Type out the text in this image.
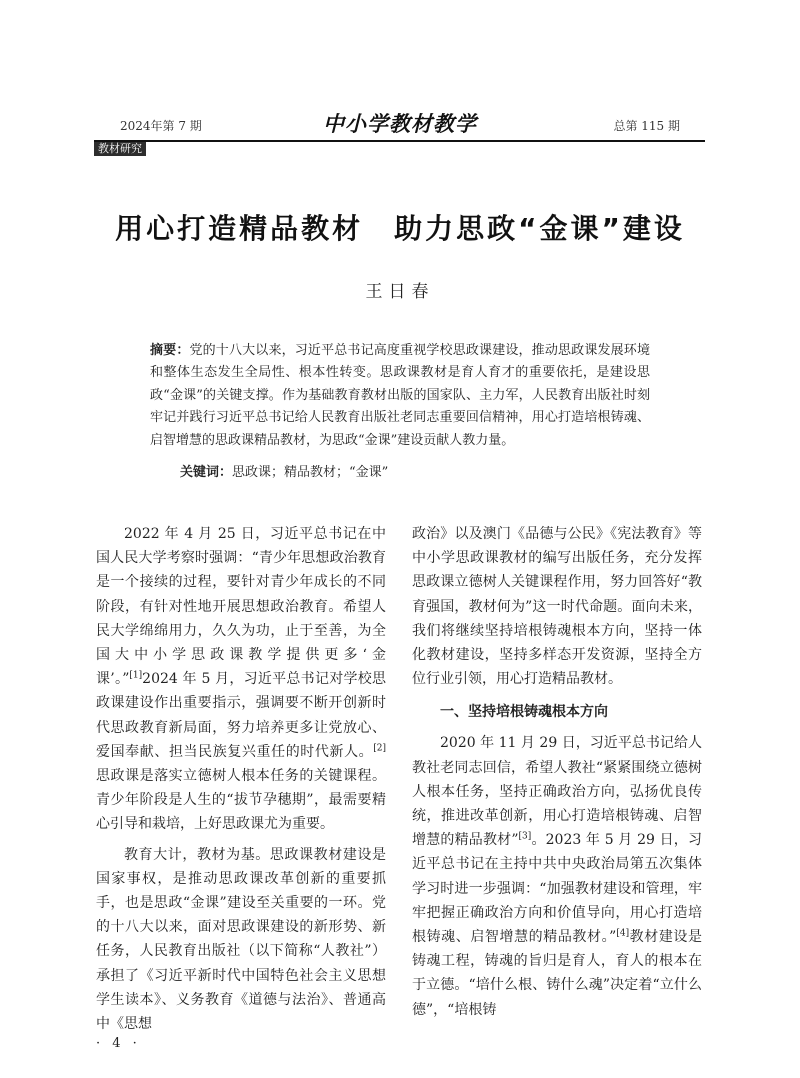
2024年第 7 期	中小学教材教学	总第 115 期
教材研究
用心打造精品教材　助力思政“金课”建设
王日春
摘要：党的十八大以来，习近平总书记高度重视学校思政课建设，推动思政课发展环境和整体生态发生全局性、根本性转变。思政课教材是育人育才的重要依托，是建设思政“金课”的关键支撑。作为基础教育教材出版的国家队、主力军，人民教育出版社时刻牢记并践行习近平总书记给人民教育出版社老同志重要回信精神，用心打造培根铸魂、启智增慧的思政课精品教材，为思政“金课”建设贡献人教力量。
关键词：思政课；精品教材；“金课”

2022 年 4 月 25 日，习近平总书记在中国人民大学考察时强调：“青少年思想政治教育是一个接续的过程，要针对青少年成长的不同阶段，有针对性地开展思想政治教育。希望人民大学绵绵用力，久久为功，止于至善，为全国大中小学思政课教学提供更多‘金课’。”[1]2024 年 5 月，习近平总书记对学校思政课建设作出重要指示，强调要不断开创新时代思政教育新局面，努力培养更多让党放心、爱国奉献、担当民族复兴重任的时代新人。[2]思政课是落实立德树人根本任务的关键课程。青少年阶段是人生的“拔节孕穗期”，最需要精心引导和栽培，上好思政课尤为重要。

教育大计，教材为基。思政课教材建设是国家事权，是推动思政课改革创新的重要抓手，也是思政“金课”建设至关重要的一环。党的十八大以来，面对思政课建设的新形势、新任务，人民教育出版社（以下简称“人教社”）承担了《习近平新时代中国特色社会主义思想学生读本》、义务教育《道德与法治》、普通高中《思想

政治》以及澳门《品德与公民》《宪法教育》等中小学思政课教材的编写出版任务，充分发挥思政课立德树人关键课程作用，努力回答好“教育强国，教材何为”这一时代命题。面向未来，我们将继续坚持培根铸魂根本方向，坚持一体化教材建设，坚持多样态开发资源，坚持全方位行业引领，用心打造精品教材。

一、坚持培根铸魂根本方向

2020 年 11 月 29 日，习近平总书记给人教社老同志回信，希望人教社“紧紧围绕立德树人根本任务，坚持正确政治方向，弘扬优良传统，推进改革创新，用心打造培根铸魂、启智增慧的精品教材”[3]。2023 年 5 月 29 日，习近平总书记在主持中共中央政治局第五次集体学习时进一步强调：“加强教材建设和管理，牢牢把握正确政治方向和价值导向，用心打造培根铸魂、启智增慧的精品教材。”[4]教材建设是铸魂工程，铸魂的旨归是育人，育人的根本在于立德。“培什么根、铸什么魂”决定着“立什么德”，“培根铸

· 4 ·
